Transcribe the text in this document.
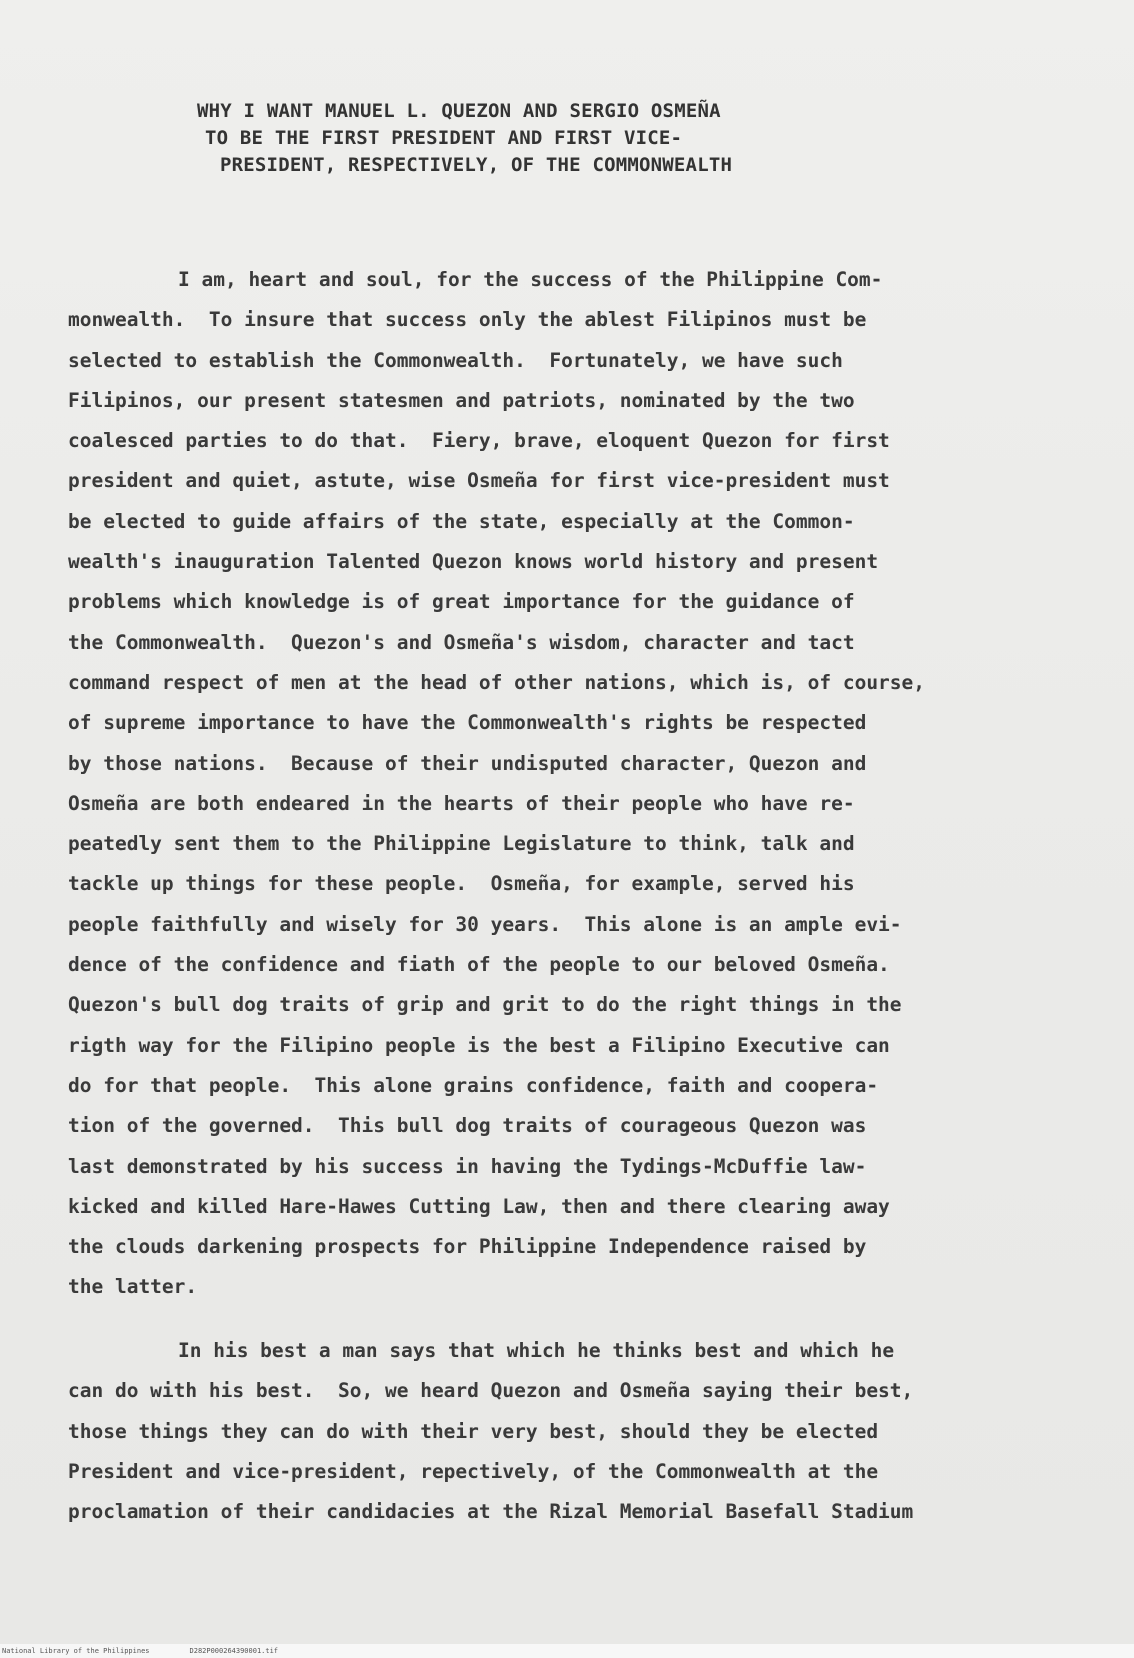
WHY I WANT MANUEL L. QUEZON AND SERGIO OSMEÑA
TO BE THE FIRST PRESIDENT AND FIRST VICE-
PRESIDENT, RESPECTIVELY, OF THE COMMONWEALTH

I am, heart and soul, for the success of the Philippine Com-
monwealth.  To insure that success only the ablest Filipinos must be
selected to establish the Commonwealth.  Fortunately, we have such
Filipinos, our present statesmen and patriots, nominated by the two
coalesced parties to do that.  Fiery, brave, eloquent Quezon for first
president and quiet, astute, wise Osmeña for first vice-president must
be elected to guide affairs of the state, especially at the Common-
wealth's inauguration Talented Quezon knows world history and present
problems which knowledge is of great importance for the guidance of
the Commonwealth.  Quezon's and Osmeña's wisdom, character and tact
command respect of men at the head of other nations, which is, of course,
of supreme importance to have the Commonwealth's rights be respected
by those nations.  Because of their undisputed character, Quezon and
Osmeña are both endeared in the hearts of their people who have re-
peatedly sent them to the Philippine Legislature to think, talk and
tackle up things for these people.  Osmeña, for example, served his
people faithfully and wisely for 30 years.  This alone is an ample evi-
dence of the confidence and fiath of the people to our beloved Osmeña.
Quezon's bull dog traits of grip and grit to do the right things in the
rigth way for the Filipino people is the best a Filipino Executive can
do for that people.  This alone grains confidence, faith and coopera-
tion of the governed.  This bull dog traits of courageous Quezon was
last demonstrated by his success in having the Tydings-McDuffie law-
kicked and killed Hare-Hawes Cutting Law, then and there clearing away
the clouds darkening prospects for Philippine Independence raised by
the latter.

In his best a man says that which he thinks best and which he
can do with his best.  So, we heard Quezon and Osmeña saying their best,
those things they can do with their very best, should they be elected
President and vice-president, repectively, of the Commonwealth at the
proclamation of their candidacies at the Rizal Memorial Basefall Stadium

National Library of the Philippines	D282P000264390001.tif
